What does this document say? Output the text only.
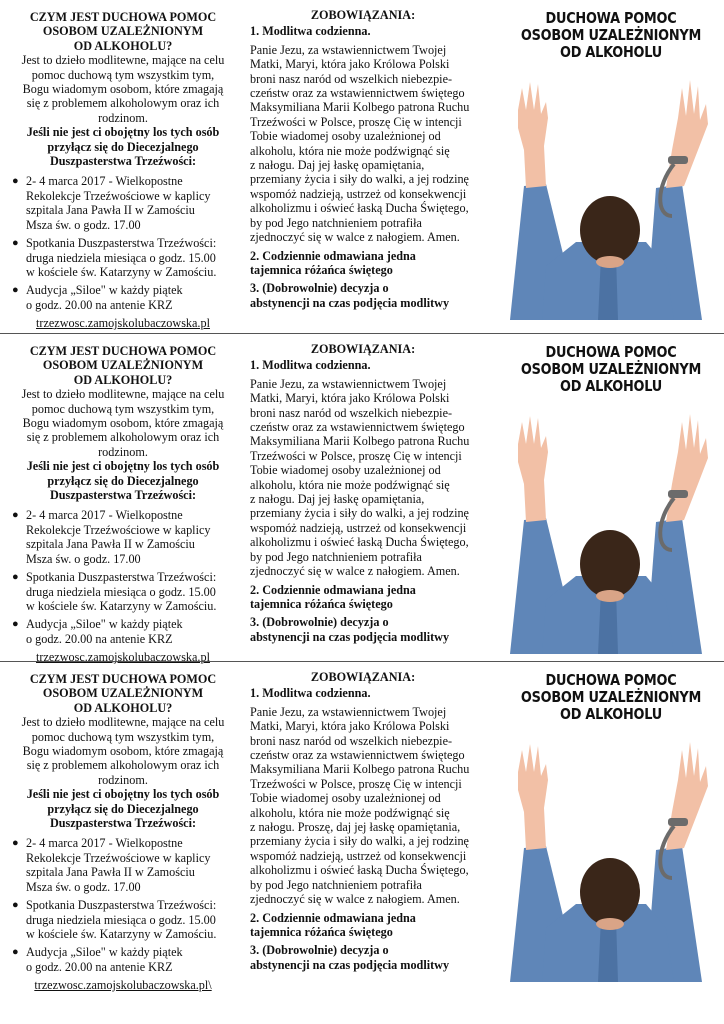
CZYM JEST DUCHOWA POMOC

OSOBOM UZALEŻNIONYM

OD ALKOHOLU?

Jest to dzieło modlitewne, mające na celu

pomoc duchową tym wszystkim tym,

Bogu wiadomym osobom, które zmagają

się z problemem alkoholowym oraz ich

rodzinom.

Jeśli nie jest ci obojętny los tych osób

przyłącz się do Diecezjalnego

Duszpasterstwa Trzeźwości:

● 2- 4 marca 2017 - Wielkopostne
Rekolekcje Trzeźwościowe w kaplicy
szpitala Jana Pawła II w Zamościu
Msza św. o godz. 17.00
● Spotkania Duszpasterstwa Trzeźwości:
druga niedziela miesiąca o godz. 15.00
w kościele św. Katarzyny w Zamościu.
● Audycja „Siloe" w każdy piątek
o godz. 20.00 na antenie KRZ
trzezwosc.zamojskolubaczowska.pl

ZOBOWIĄZANIA:

1. Modlitwa codzienna.

Panie Jezu, za wstawiennictwem Twojej
Matki, Maryi, która jako Królowa Polski
broni nasz naród od wszelkich niebezpie-
czeństw oraz za wstawiennictwem świętego
Maksymiliana Marii Kolbego patrona Ruchu
Trzeźwości w Polsce, proszę Cię w intencji
Tobie wiadomej osoby uzależnionej od
alkoholu, która nie może podźwignąć się
z nałogu. Daj jej łaskę opamiętania,
przemiany życia i siły do walki, a jej rodzinę
wspomóż nadzieją, ustrzeż od konsekwencji
alkoholizmu i oświeć łaską Ducha Świętego,
by pod Jego natchnieniem potrafiła
zjednoczyć się w walce z nałogiem. Amen.
2. Codziennie odmawiana jedna
tajemnica różańca świętego
3. (Dobrowolnie) decyzja o
abstynencji na czas podjęcia modlitwy

DUCHOWA POMOC

OSOBOM UZALEŻNIONYM

OD ALKOHOLU

CZYM JEST DUCHOWA POMOC

OSOBOM UZALEŻNIONYM

OD ALKOHOLU?

Jest to dzieło modlitewne, mające na celu

pomoc duchową tym wszystkim tym,

Bogu wiadomym osobom, które zmagają

się z problemem alkoholowym oraz ich

rodzinom.

Jeśli nie jest ci obojętny los tych osób

przyłącz się do Diecezjalnego

Duszpasterstwa Trzeźwości:

● 2- 4 marca 2017 - Wielkopostne
Rekolekcje Trzeźwościowe w kaplicy
szpitala Jana Pawła II w Zamościu
Msza św. o godz. 17.00
● Spotkania Duszpasterstwa Trzeźwości:
druga niedziela miesiąca o godz. 15.00
w kościele św. Katarzyny w Zamościu.
● Audycja „Siloe" w każdy piątek
o godz. 20.00 na antenie KRZ
trzezwosc.zamojskolubaczowska.pl

ZOBOWIĄZANIA:

1. Modlitwa codzienna.

Panie Jezu, za wstawiennictwem Twojej
Matki, Maryi, która jako Królowa Polski
broni nasz naród od wszelkich niebezpie-
czeństw oraz za wstawiennictwem świętego
Maksymiliana Marii Kolbego patrona Ruchu
Trzeźwości w Polsce, proszę Cię w intencji
Tobie wiadomej osoby uzależnionej od
alkoholu, która nie może podźwignąć się
z nałogu. Daj jej łaskę opamiętania,
przemiany życia i siły do walki, a jej rodzinę
wspomóż nadzieją, ustrzeż od konsekwencji
alkoholizmu i oświeć łaską Ducha Świętego,
by pod Jego natchnieniem potrafiła
zjednoczyć się w walce z nałogiem. Amen.
2. Codziennie odmawiana jedna
tajemnica różańca świętego
3. (Dobrowolnie) decyzja o
abstynencji na czas podjęcia modlitwy

DUCHOWA POMOC

OSOBOM UZALEŻNIONYM

OD ALKOHOLU

CZYM JEST DUCHOWA POMOC

OSOBOM UZALEŻNIONYM

OD ALKOHOLU?

Jest to dzieło modlitewne, mające na celu

pomoc duchową tym wszystkim tym,

Bogu wiadomym osobom, które zmagają

się z problemem alkoholowym oraz ich

rodzinom.

Jeśli nie jest ci obojętny los tych osób

przyłącz się do Diecezjalnego

Duszpasterstwa Trzeźwości:

● 2- 4 marca 2017 - Wielkopostne
Rekolekcje Trzeźwościowe w kaplicy
szpitala Jana Pawła II w Zamościu
Msza św. o godz. 17.00
● Spotkania Duszpasterstwa Trzeźwości:
druga niedziela miesiąca o godz. 15.00
w kościele św. Katarzyny w Zamościu.
● Audycja „Siloe" w każdy piątek
o godz. 20.00 na antenie KRZ
trzezwosc.zamojskolubaczowska.pl\

ZOBOWIĄZANIA:

1. Modlitwa codzienna.

Panie Jezu, za wstawiennictwem Twojej
Matki, Maryi, która jako Królowa Polski
broni nasz naród od wszelkich niebezpie-
czeństw oraz za wstawiennictwem świętego
Maksymiliana Marii Kolbego patrona Ruchu
Trzeźwości w Polsce, proszę Cię w intencji
Tobie wiadomej osoby uzależnionej od
alkoholu, która nie może podźwignąć się
z nałogu. Proszę, daj jej łaskę opamiętania,
przemiany życia i siły do walki, a jej rodzinę
wspomóż nadzieją, ustrzeż od konsekwencji
alkoholizmu i oświeć łaską Ducha Świętego,
by pod Jego natchnieniem potrafiła
zjednoczyć się w walce z nałogiem. Amen.
2. Codziennie odmawiana jedna
tajemnica różańca świętego
3. (Dobrowolnie) decyzja o
abstynencji na czas podjęcia modlitwy

DUCHOWA POMOC

OSOBOM UZALEŻNIONYM

OD ALKOHOLU
